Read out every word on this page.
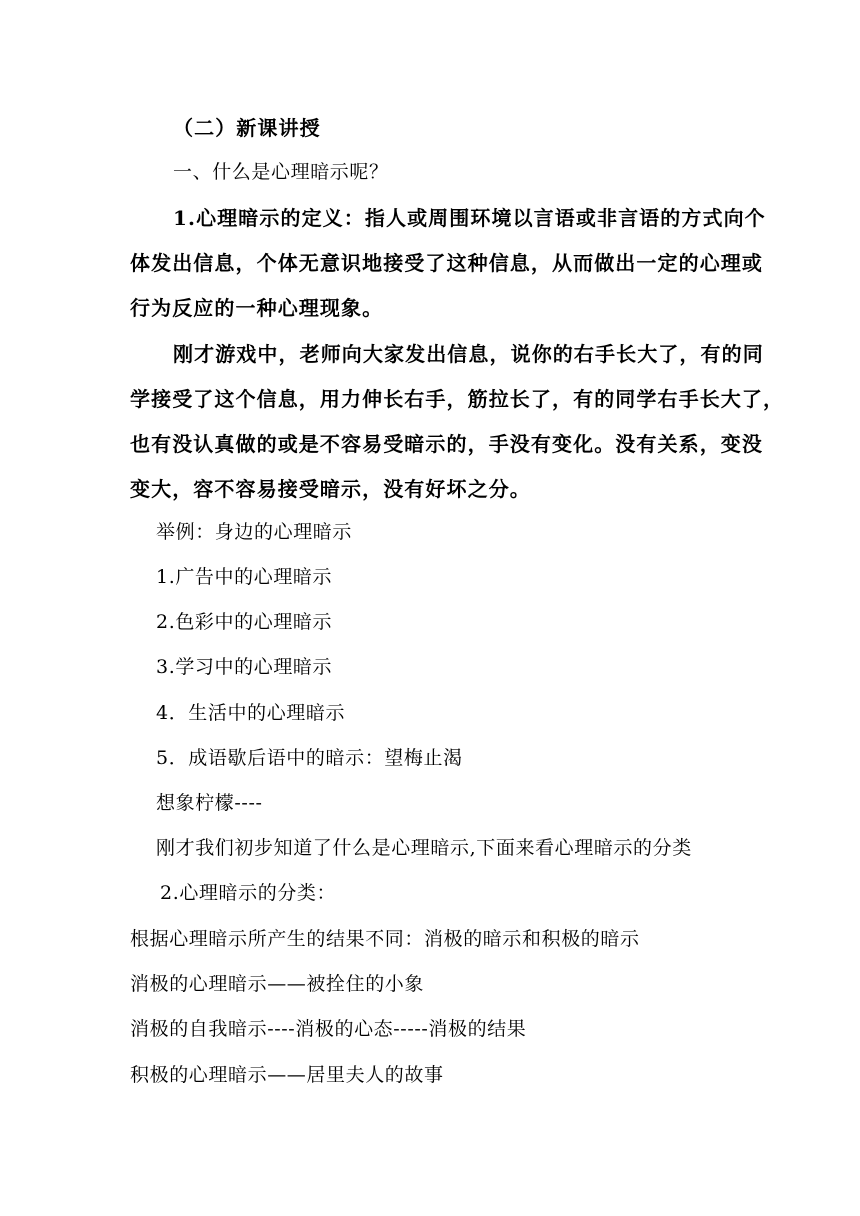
（二）新课讲授
一、什么是心理暗示呢？
1.心理暗示的定义：指人或周围环境以言语或非言语的方式向个
体发出信息，个体无意识地接受了这种信息，从而做出一定的心理或
行为反应的一种心理现象。
刚才游戏中，老师向大家发出信息，说你的右手长大了，有的同
学接受了这个信息，用力伸长右手，筋拉长了，有的同学右手长大了，
也有没认真做的或是不容易受暗示的，手没有变化。没有关系，变没
变大，容不容易接受暗示，没有好坏之分。
举例：身边的心理暗示
1.广告中的心理暗示
2.色彩中的心理暗示
3.学习中的心理暗示
4．生活中的心理暗示
5．成语歇后语中的暗示：望梅止渴
想象柠檬----
刚才我们初步知道了什么是心理暗示,下面来看心理暗示的分类
2.心理暗示的分类：
根据心理暗示所产生的结果不同：消极的暗示和积极的暗示
消极的心理暗示——被拴住的小象
消极的自我暗示----消极的心态-----消极的结果
积极的心理暗示——居里夫人的故事
